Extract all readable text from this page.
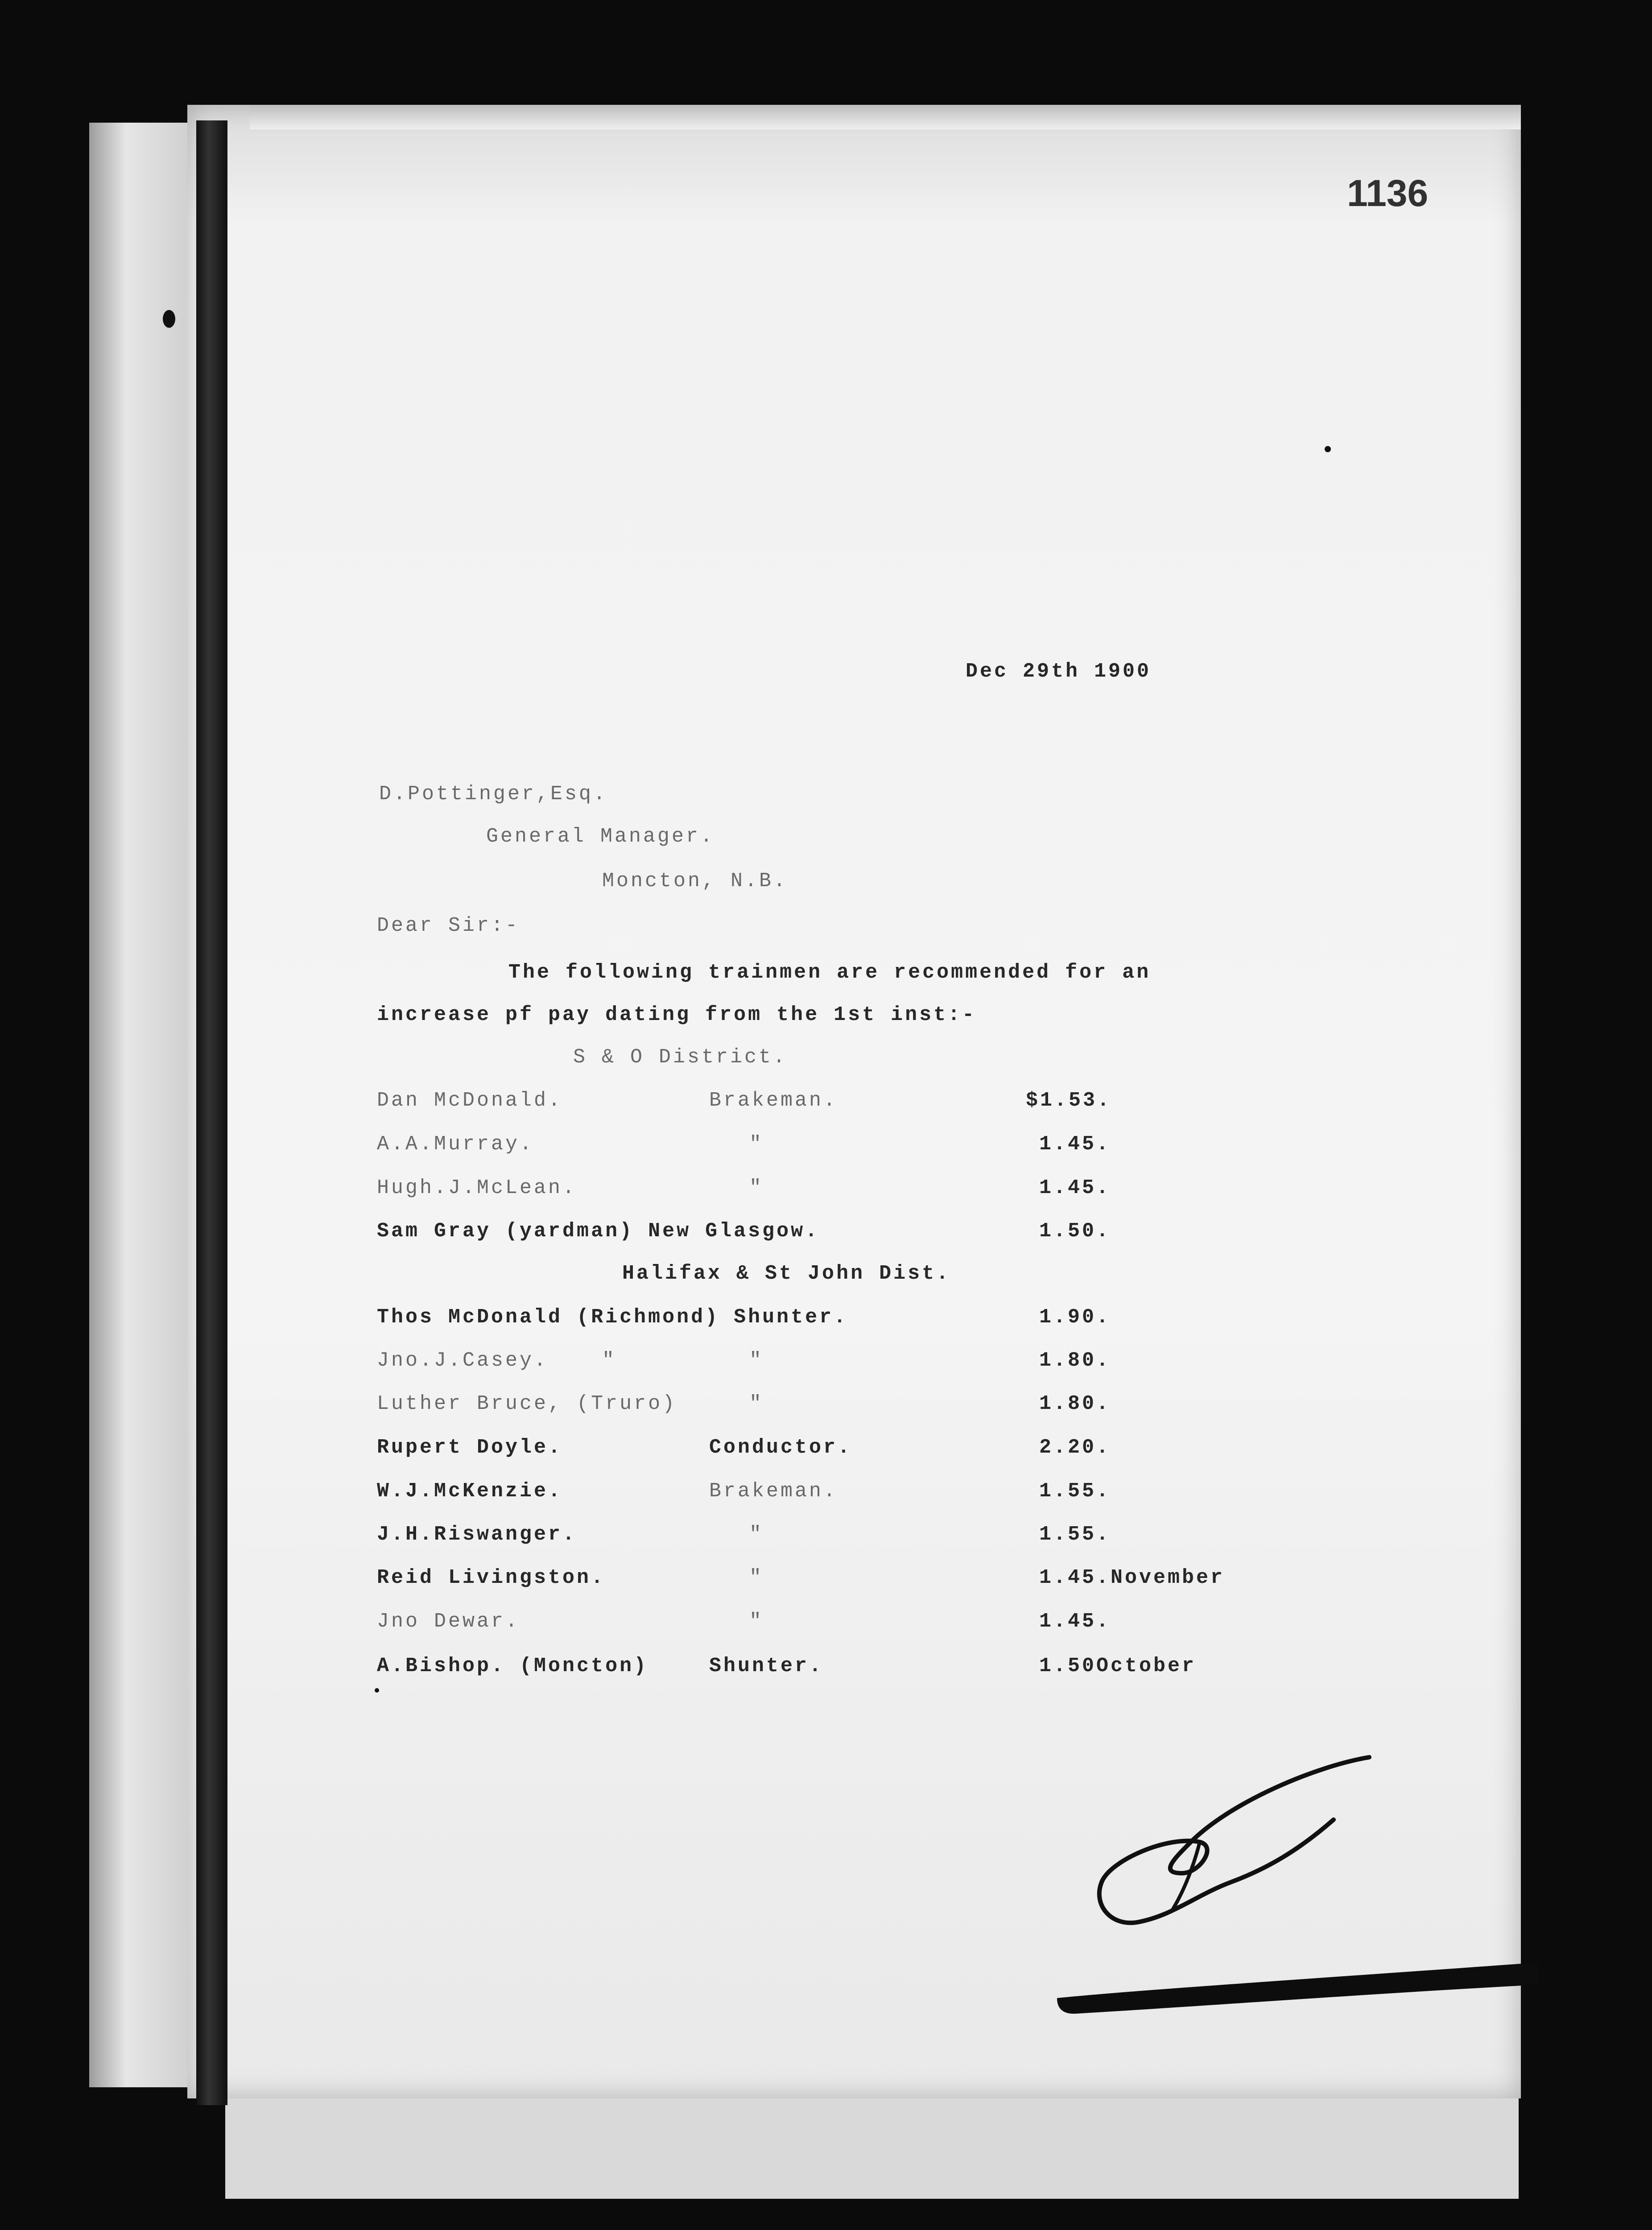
1136
Dec 29th 1900
D.Pottinger,Esq.
General Manager.
Moncton, N.B.
Dear Sir:-
The following trainmen are recommended for an
increase pf pay dating from the 1st inst:-
S & O District.
Dan McDonald.	Brakeman.	$1.53.
A.A.Murray.	"	1.45.
Hugh.J.McLean.	"	1.45.
Sam Gray (yardman) New Glasgow.	1.50.
Halifax & St John Dist.
Thos McDonald (Richmond) Shunter.	1.90.
Jno.J.Casey.	"	"	1.80.
Luther Bruce, (Truro)	"	1.80.
Rupert Doyle.	Conductor.	2.20.
W.J.McKenzie.	Brakeman.	1.55.
J.H.Riswanger.	"	1.55.
Reid Livingston.	"	1.45.November
Jno Dewar.	"	1.45.
A.Bishop. (Moncton)	Shunter.	1.50October
